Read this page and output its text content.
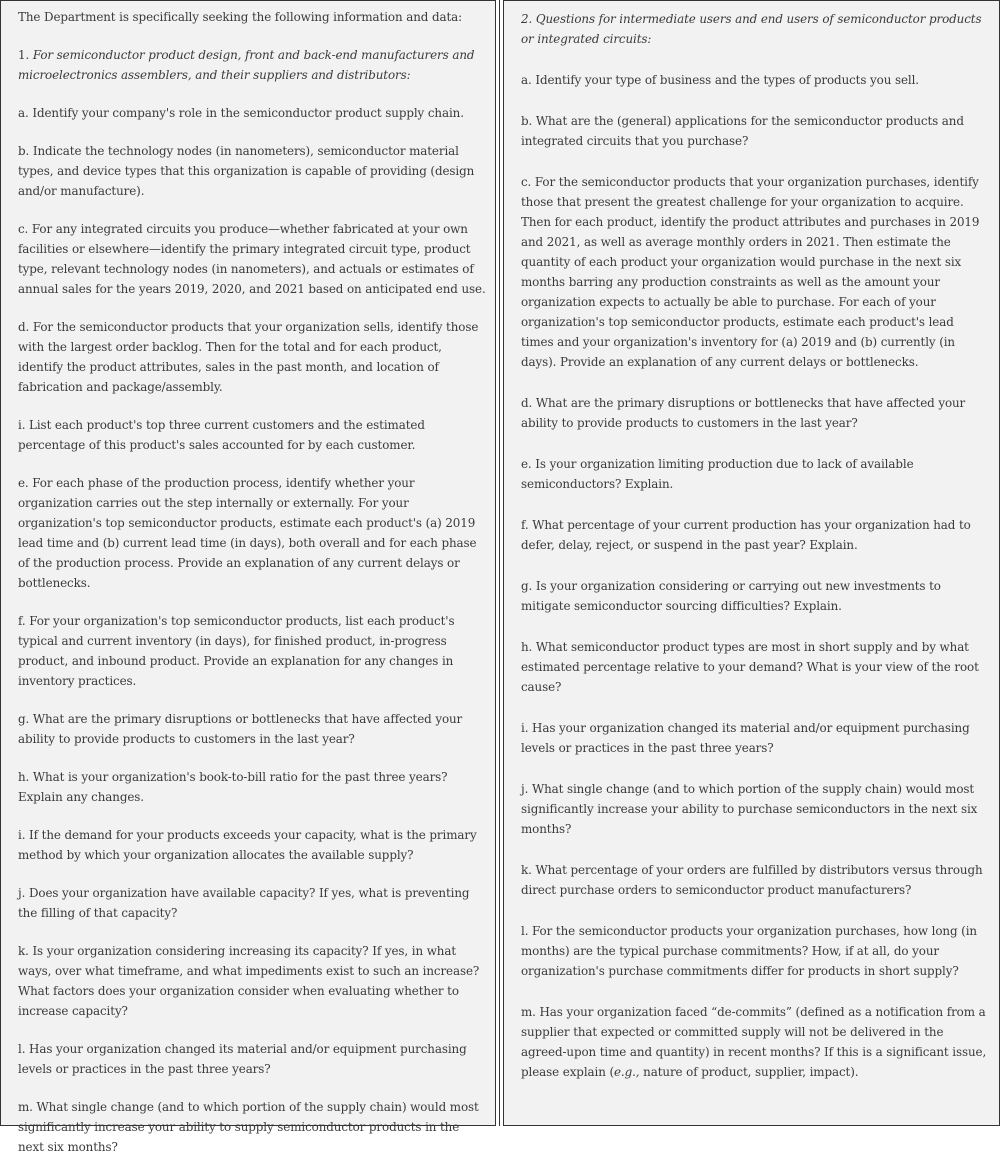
The Department is specifically seeking the following information and data:

1. For semiconductor product design, front and back-end manufacturers and microelectronics assemblers, and their suppliers and distributors:

a. Identify your company's role in the semiconductor product supply chain.

b. Indicate the technology nodes (in nanometers), semiconductor material types, and device types that this organization is capable of providing (design and/or manufacture).

c. For any integrated circuits you produce—whether fabricated at your own facilities or elsewhere—identify the primary integrated circuit type, product type, relevant technology nodes (in nanometers), and actuals or estimates of annual sales for the years 2019, 2020, and 2021 based on anticipated end use.

d. For the semiconductor products that your organization sells, identify those with the largest order backlog. Then for the total and for each product, identify the product attributes, sales in the past month, and location of fabrication and package/assembly.

i. List each product's top three current customers and the estimated percentage of this product's sales accounted for by each customer.

e. For each phase of the production process, identify whether your organization carries out the step internally or externally. For your organization's top semiconductor products, estimate each product's (a) 2019 lead time and (b) current lead time (in days), both overall and for each phase of the production process. Provide an explanation of any current delays or bottlenecks.

f. For your organization's top semiconductor products, list each product's typical and current inventory (in days), for finished product, in-progress product, and inbound product. Provide an explanation for any changes in inventory practices.

g. What are the primary disruptions or bottlenecks that have affected your ability to provide products to customers in the last year?

h. What is your organization's book-to-bill ratio for the past three years? Explain any changes.

i. If the demand for your products exceeds your capacity, what is the primary method by which your organization allocates the available supply?

j. Does your organization have available capacity? If yes, what is preventing the filling of that capacity?

k. Is your organization considering increasing its capacity? If yes, in what ways, over what timeframe, and what impediments exist to such an increase? What factors does your organization consider when evaluating whether to increase capacity?

l. Has your organization changed its material and/or equipment purchasing levels or practices in the past three years?

m. What single change (and to which portion of the supply chain) would most significantly increase your ability to supply semiconductor products in the next six months?

2. Questions for intermediate users and end users of semiconductor products or integrated circuits:

a. Identify your type of business and the types of products you sell.

b. What are the (general) applications for the semiconductor products and integrated circuits that you purchase?

c. For the semiconductor products that your organization purchases, identify those that present the greatest challenge for your organization to acquire. Then for each product, identify the product attributes and purchases in 2019 and 2021, as well as average monthly orders in 2021. Then estimate the quantity of each product your organization would purchase in the next six months barring any production constraints as well as the amount your organization expects to actually be able to purchase. For each of your organization's top semiconductor products, estimate each product's lead times and your organization's inventory for (a) 2019 and (b) currently (in days). Provide an explanation of any current delays or bottlenecks.

d. What are the primary disruptions or bottlenecks that have affected your ability to provide products to customers in the last year?

e. Is your organization limiting production due to lack of available semiconductors? Explain.

f. What percentage of your current production has your organization had to defer, delay, reject, or suspend in the past year? Explain.

g. Is your organization considering or carrying out new investments to mitigate semiconductor sourcing difficulties? Explain.

h. What semiconductor product types are most in short supply and by what estimated percentage relative to your demand? What is your view of the root cause?

i. Has your organization changed its material and/or equipment purchasing levels or practices in the past three years?

j. What single change (and to which portion of the supply chain) would most significantly increase your ability to purchase semiconductors in the next six months?

k. What percentage of your orders are fulfilled by distributors versus through direct purchase orders to semiconductor product manufacturers?

l. For the semiconductor products your organization purchases, how long (in months) are the typical purchase commitments? How, if at all, do your organization's purchase commitments differ for products in short supply?

m. Has your organization faced “de-commits” (defined as a notification from a supplier that expected or committed supply will not be delivered in the agreed-upon time and quantity) in recent months? If this is a significant issue, please explain (e.g., nature of product, supplier, impact).
